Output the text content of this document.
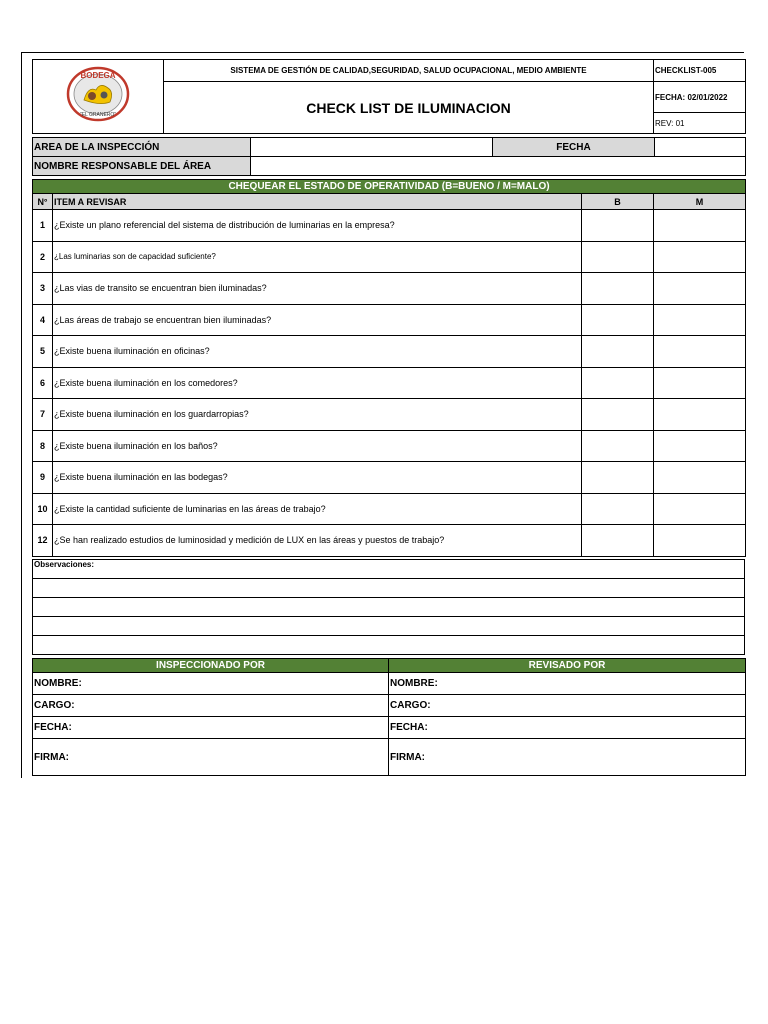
BODEGA
"EL GRANERO"	SISTEMA DE GESTIÓN DE CALIDAD,SEGURIDAD, SALUD OCUPACIONAL, MEDIO AMBIENTE	CHECKLIST-005
	CHECK LIST DE ILUMINACION	FECHA: 02/01/2022
		REV: 01
AREA DE LA INSPECCIÓN		FECHA	
NOMBRE RESPONSABLE DEL ÁREA			
CHEQUEAR EL ESTADO DE OPERATIVIDAD (B=BUENO / M=MALO)			
N°	ITEM A REVISAR	B	M
1	¿Existe un plano referencial del sistema de distribución de luminarias en la empresa?		
2	¿Las luminarias son de capacidad suficiente?		
3	¿Las vias de transito se encuentran bien iluminadas?		
4	¿Las áreas de trabajo se encuentran bien iluminadas?		
5	¿Existe buena iluminación en oficinas?		
6	¿Existe buena iluminación en los comedores?		
7	¿Existe buena iluminación en los guardarropias?		
8	¿Existe buena iluminación en los baños?		
9	¿Existe buena iluminación en las bodegas?		
10	¿Existe la cantidad suficiente de luminarias en las áreas de trabajo?		
12	¿Se han realizado estudios de luminosidad y medición de LUX en las áreas y puestos de trabajo?		
Observaciones:

INSPECCIONADO POR	REVISADO POR
NOMBRE:	NOMBRE:
CARGO:	CARGO:
FECHA:	FECHA:
FIRMA:	FIRMA:
